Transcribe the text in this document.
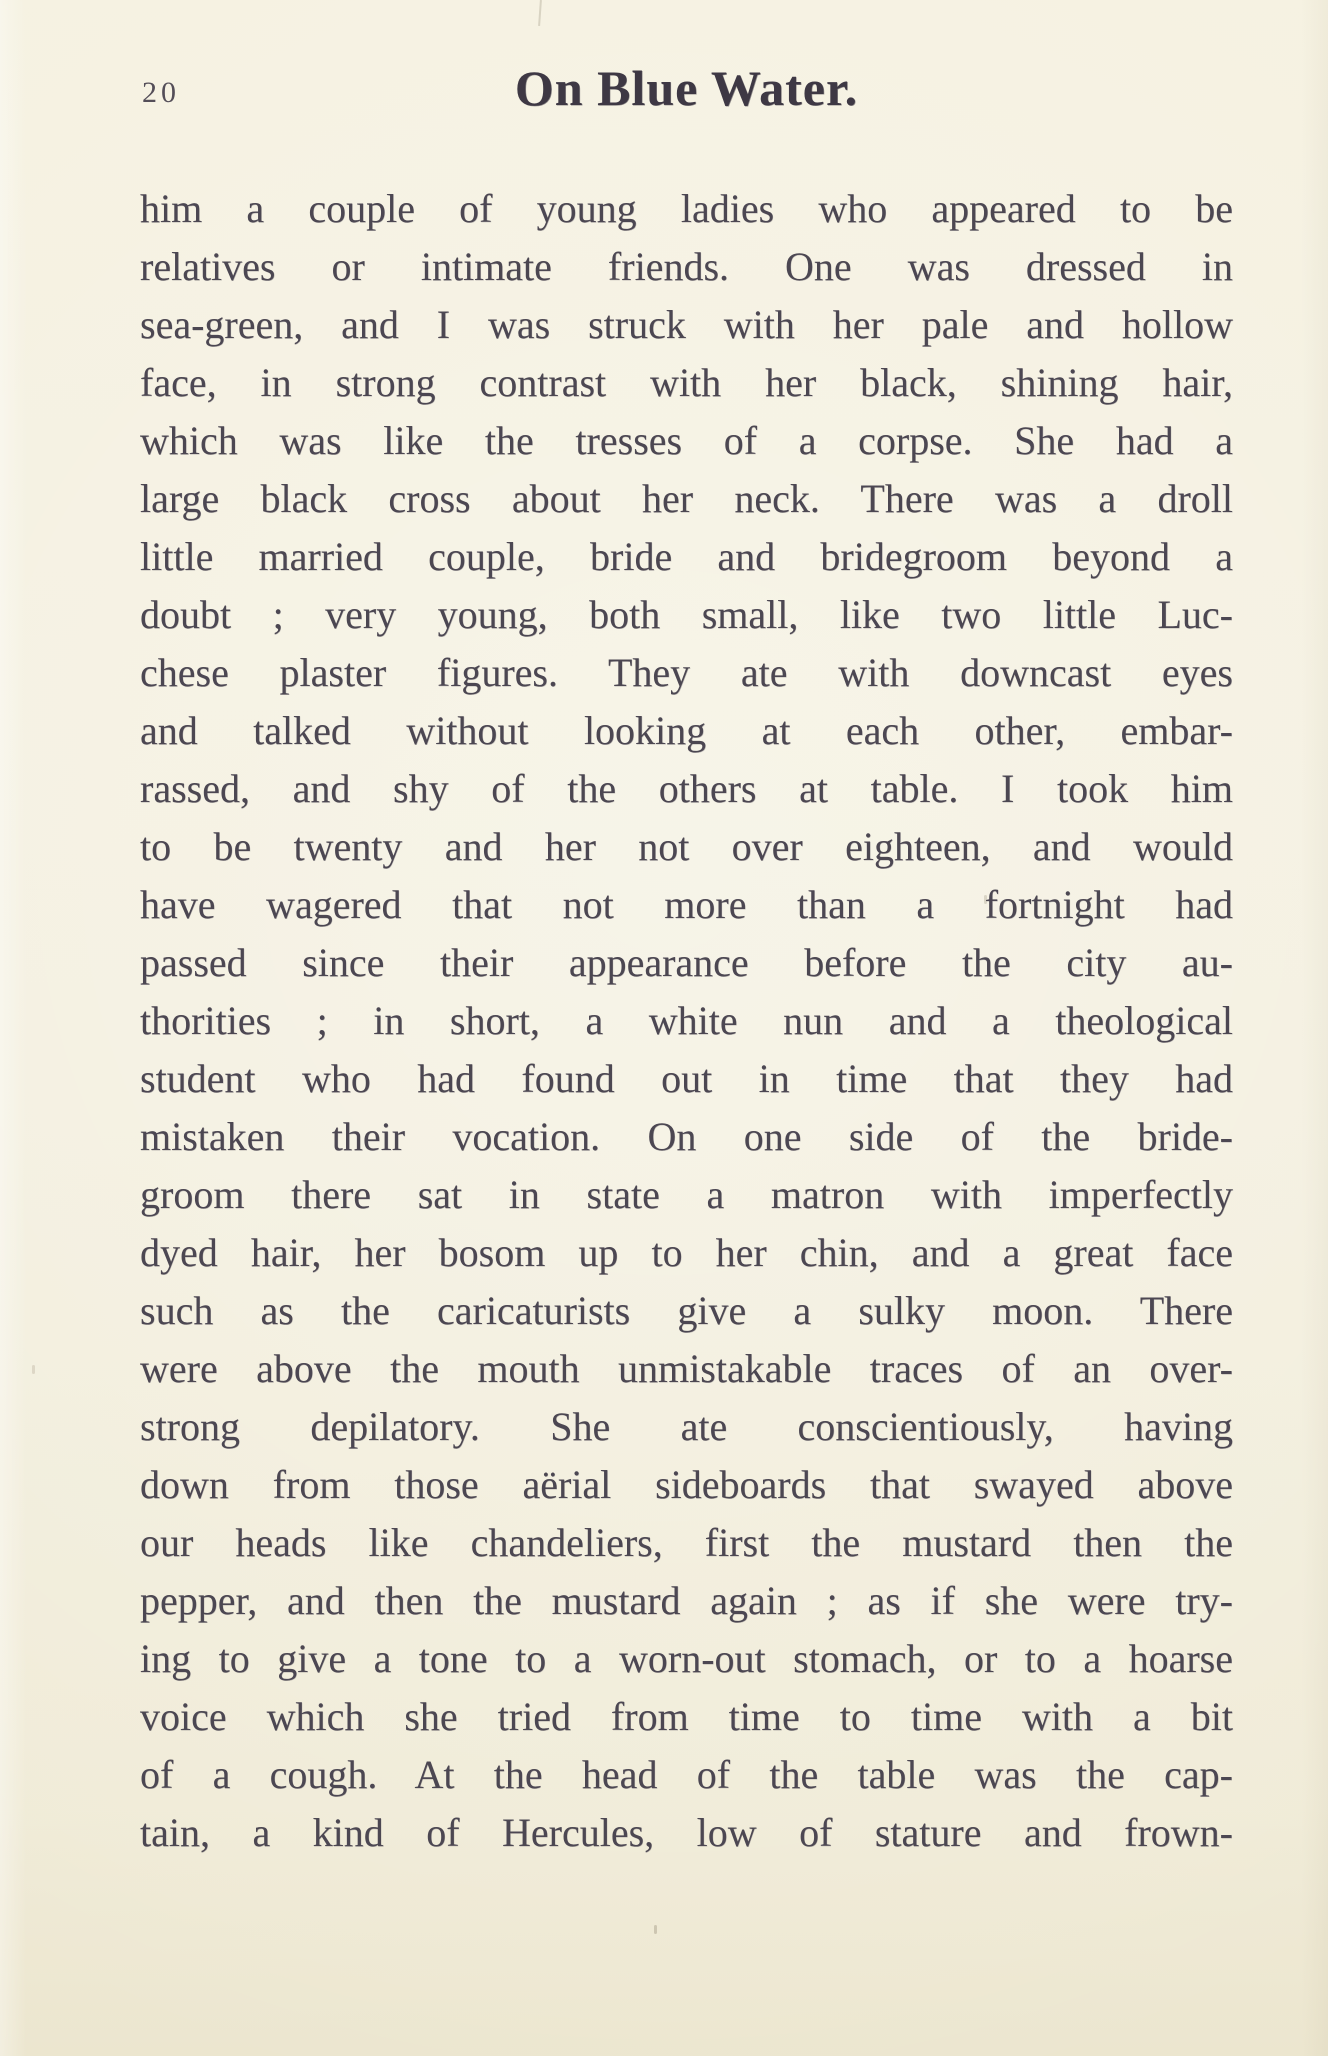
20	On Blue Water.
him a couple of young ladies who appeared to be
relatives or intimate friends. One was dressed in
sea-green, and I was struck with her pale and hollow
face, in strong contrast with her black, shining hair,
which was like the tresses of a corpse. She had a
large black cross about her neck. There was a droll
little married couple, bride and bridegroom beyond a
doubt ; very young, both small, like two little Luc-
chese plaster figures. They ate with downcast eyes
and talked without looking at each other, embar-
rassed, and shy of the others at table. I took him
to be twenty and her not over eighteen, and would
have wagered that not more than a fortnight had
passed since their appearance before the city au-
thorities ; in short, a white nun and a theological
student who had found out in time that they had
mistaken their vocation. On one side of the bride-
groom there sat in state a matron with imperfectly
dyed hair, her bosom up to her chin, and a great face
such as the caricaturists give a sulky moon. There
were above the mouth unmistakable traces of an over-
strong depilatory. She ate conscientiously, having
down from those aërial sideboards that swayed above
our heads like chandeliers, first the mustard then the
pepper, and then the mustard again ; as if she were try-
ing to give a tone to a worn-out stomach, or to a hoarse
voice which she tried from time to time with a bit
of a cough. At the head of the table was the cap-
tain, a kind of Hercules, low of stature and frown-
